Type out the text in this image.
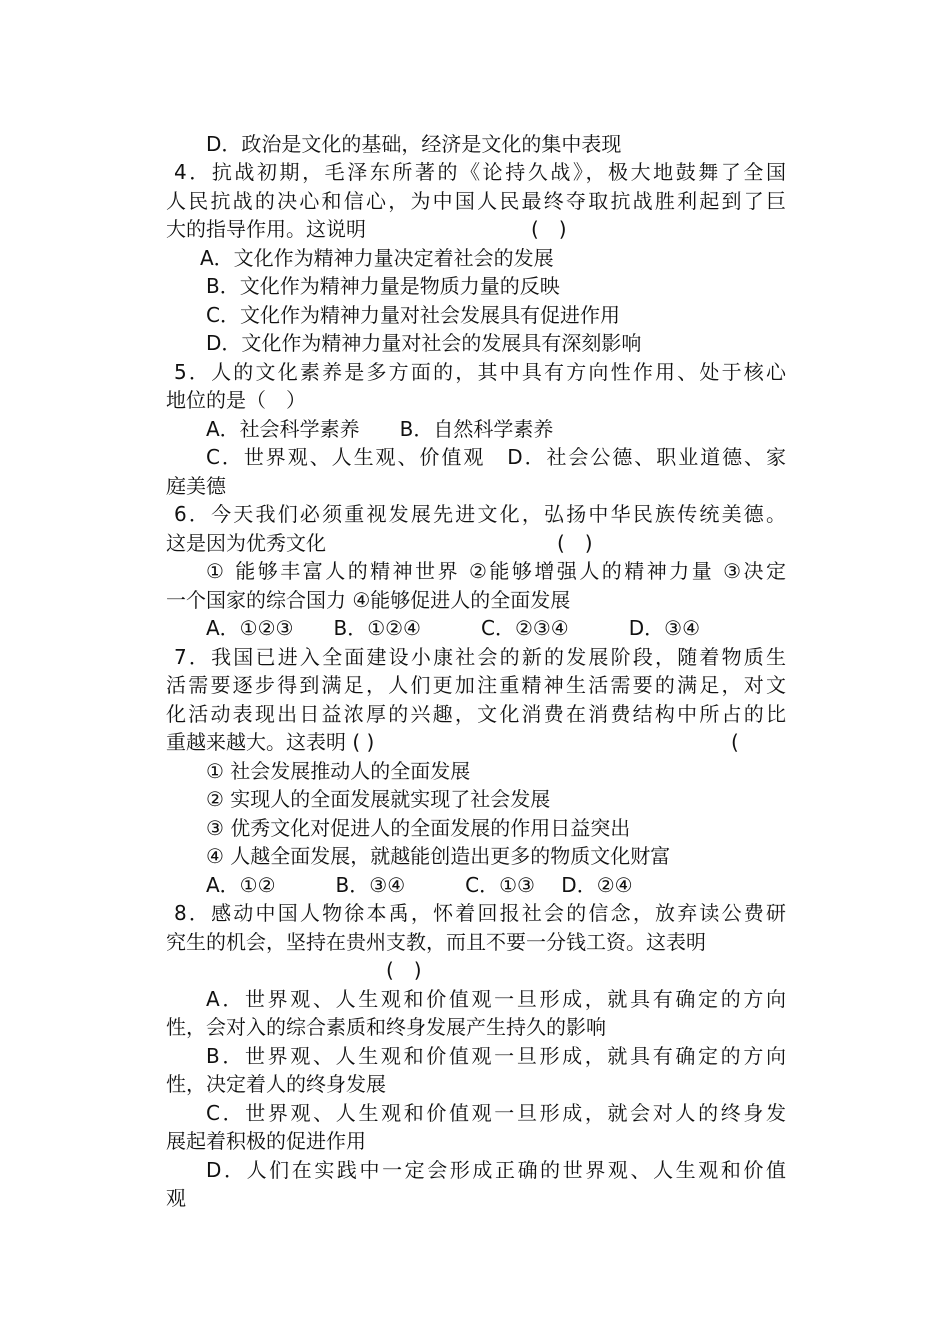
D．政治是文化的基础，经济是文化的集中表现
4．抗战初期，毛泽东所著的《论持久战》，极大地鼓舞了全国
人民抗战的决心和信心，为中国人民最终夺取抗战胜利起到了巨
大的指导作用。这说明	(　)
A．文化作为精神力量决定着社会的发展
B．文化作为精神力量是物质力量的反映
C．文化作为精神力量对社会发展具有促进作用
D．文化作为精神力量对社会的发展具有深刻影响
5．人的文化素养是多方面的，其中具有方向性作用、处于核心
地位的是（　）
A．社会科学素养　　B．自然科学素养
C．世界观、人生观、价值观　D．社会公德、职业道德、家
庭美德
6．今天我们必须重视发展先进文化，弘扬中华民族传统美德。
这是因为优秀文化	(　)
① 能够丰富人的精神世界 ②能够增强人的精神力量 ③决定
一个国家的综合国力 ④能够促进人的全面发展
A．①②③　　B．①②④　　　C．②③④　　　D．③④
7．我国已进入全面建设小康社会的新的发展阶段，随着物质生
活需要逐步得到满足，人们更加注重精神生活需要的满足，对文
化活动表现出日益浓厚的兴趣，文化消费在消费结构中所占的比
重越来越大。这表明 ( )	(
① 社会发展推动人的全面发展
② 实现人的全面发展就实现了社会发展
③ 优秀文化对促进人的全面发展的作用日益突出
④ 人越全面发展，就越能创造出更多的物质文化财富
A．①②　　　B．③④　　　C．①③　 D．②④
8．感动中国人物徐本禹，怀着回报社会的信念，放弃读公费研
究生的机会，坚持在贵州支教，而且不要一分钱工资。这表明
(　)
A．世界观、人生观和价值观一旦形成，就具有确定的方向
性，会对入的综合素质和终身发展产生持久的影响
B．世界观、人生观和价值观一旦形成，就具有确定的方向
性，决定着人的终身发展
C．世界观、人生观和价值观一旦形成，就会对人的终身发
展起着积极的促进作用
D．人们在实践中一定会形成正确的世界观、人生观和价值
观
